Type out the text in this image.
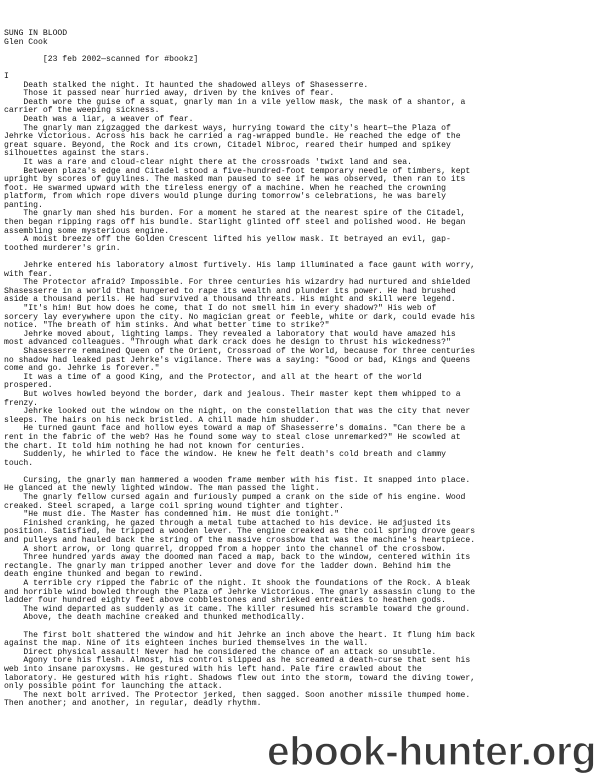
SUNG IN BLOOD
Glen Cook
[23 feb 2002—scanned for #bookz]
I
Death stalked the night. It haunted the shadowed alleys of Shasesserre.
Those it passed near hurried away, driven by the knives of fear.
Death wore the guise of a squat, gnarly man in a vile yellow mask, the mask of a shantor, a
carrier of the weeping sickness.
Death was a liar, a weaver of fear.
The gnarly man zigzagged the darkest ways, hurrying toward the city's heart—the Plaza of
Jehrke Victorious. Across his back he carried a rag-wrapped bundle. He reached the edge of the
great square. Beyond, the Rock and its crown, Citadel Nibroc, reared their humped and spikey
silhouettes against the stars.
It was a rare and cloud-clear night there at the crossroads 'twixt land and sea.
Between plaza's edge and Citadel stood a five-hundred-foot temporary needle of timbers, kept
upright by scores of guylines. The masked man paused to see if he was observed, then ran to its
foot. He swarmed upward with the tireless energy of a machine. When he reached the crowning
platform, from which rope divers would plunge during tomorrow's celebrations, he was barely
panting.
The gnarly man shed his burden. For a moment he stared at the nearest spire of the Citadel,
then began ripping rags off his bundle. Starlight glinted off steel and polished wood. He began
assembling some mysterious engine.
A moist breeze off the Golden Crescent lifted his yellow mask. It betrayed an evil, gap-
toothed murderer's grin.
Jehrke entered his laboratory almost furtively. His lamp illuminated a face gaunt with worry,
with fear.
The Protector afraid? Impossible. For three centuries his wizardry had nurtured and shielded
Shasesserre in a world that hungered to rape its wealth and plunder its power. He had brushed
aside a thousand perils. He had survived a thousand threats. His might and skill were legend.
"It's him! But how does he come, that I do not smell him in every shadow?" His web of
sorcery lay everywhere upon the city. No magician great or feeble, white or dark, could evade his
notice. "The breath of him stinks. And what better time to strike?"
Jehrke moved about, lighting lamps. They revealed a laboratory that would have amazed his
most advanced colleagues. "Through what dark crack does he design to thrust his wickedness?"
Shasesserre remained Queen of the Orient, Crossroad of the World, because for three centuries
no shadow had leaked past Jehrke's vigilance. There was a saying: "Good or bad, Kings and Queens
come and go. Jehrke is forever."
It was a time of a good King, and the Protector, and all at the heart of the world
prospered.
But wolves howled beyond the border, dark and jealous. Their master kept them whipped to a
frenzy.
Jehrke looked out the window on the night, on the constellation that was the city that never
sleeps. The hairs on his neck bristled. A chill made him shudder.
He turned gaunt face and hollow eyes toward a map of Shasesserre's domains. "Can there be a
rent in the fabric of the web? Has he found some way to steal close unremarked?" He scowled at
the chart. It told him nothing he had not known for centuries.
Suddenly, he whirled to face the window. He knew he felt death's cold breath and clammy
touch.
Cursing, the gnarly man hammered a wooden frame member with his fist. It snapped into place.
He glanced at the newly lighted window. The man passed the light.
The gnarly fellow cursed again and furiously pumped a crank on the side of his engine. Wood
creaked. Steel scraped, a large coil spring wound tighter and tighter.
"He must die. The Master has condemned him. He must die tonight."
Finished cranking, he gazed through a metal tube attached to his device. He adjusted its
position. Satisfied, he tripped a wooden lever. The engine creaked as the coil spring drove gears
and pulleys and hauled back the string of the massive crossbow that was the machine's heartpiece.
A short arrow, or long quarrel, dropped from a hopper into the channel of the crossbow.
Three hundred yards away the doomed man faced a map, back to the window, centered within its
rectangle. The gnarly man tripped another lever and dove for the ladder down. Behind him the
death engine thunked and began to rewind.
A terrible cry ripped the fabric of the night. It shook the foundations of the Rock. A bleak
and horrible wind bowled through the Plaza of Jehrke Victorious. The gnarly assassin clung to the
ladder four hundred eighty feet above cobblestones and shrieked entreaties to heathen gods.
The wind departed as suddenly as it came. The killer resumed his scramble toward the ground.
Above, the death machine creaked and thunked methodically.
The first bolt shattered the window and hit Jehrke an inch above the heart. It flung him back
against the map. Nine of its eighteen inches buried themselves in the wall.
Direct physical assault! Never had he considered the chance of an attack so unsubtle.
Agony tore his flesh. Almost, his control slipped as he screamed a death-curse that sent his
web into insane paroxysms. He gestured with his left hand. Pale fire crawled about the
laboratory. He gestured with his right. Shadows flew out into the storm, toward the diving tower,
only possible point for launching the attack.
The next bolt arrived. The Protector jerked, then sagged. Soon another missile thumped home.
Then another; and another, in regular, deadly rhythm.
ebook-hunter.org
